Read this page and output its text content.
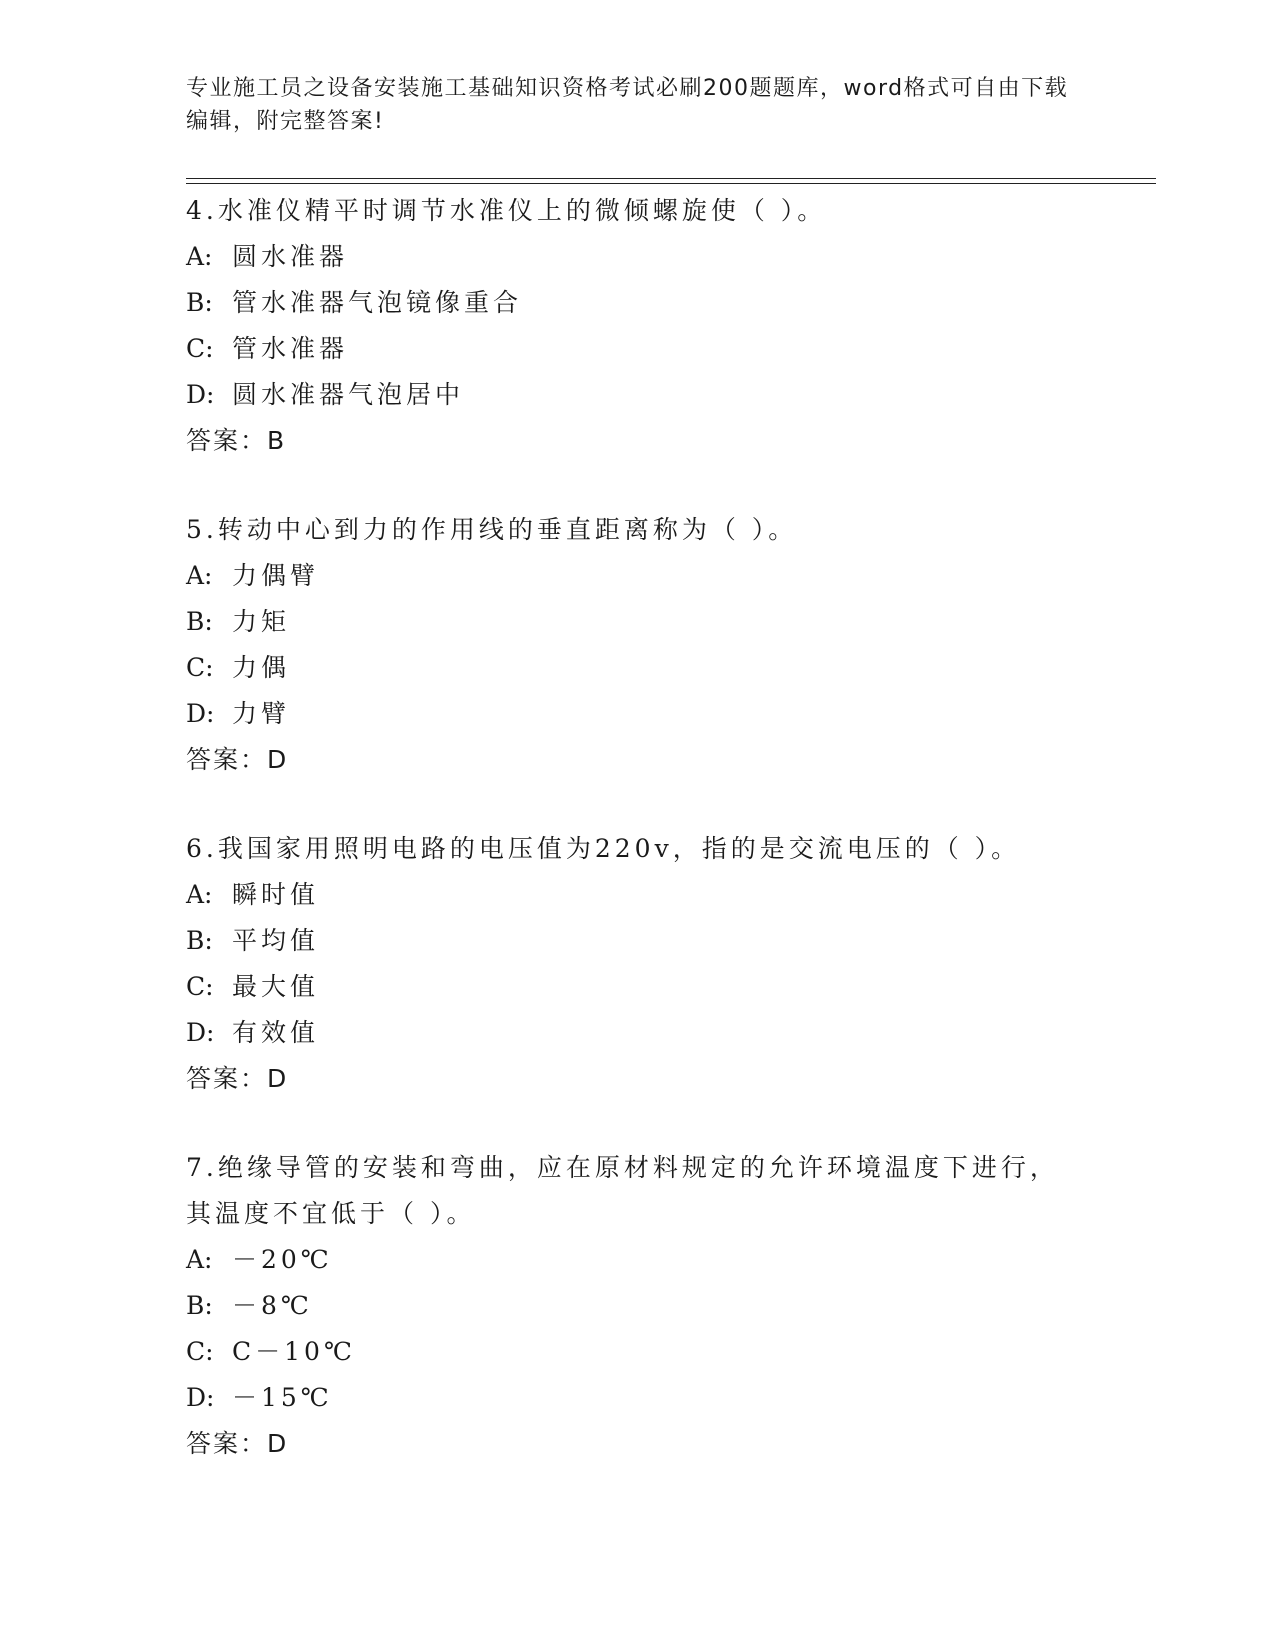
专业施工员之设备安装施工基础知识资格考试必刷200题题库，word格式可自由下载编辑，附完整答案!

4.水准仪精平时调节水准仪上的微倾螺旋使（ ）。

A: 圆水准器

B: 管水准器气泡镜像重合

C: 管水准器

D: 圆水准器气泡居中

答案：B

5.转动中心到力的作用线的垂直距离称为（ ）。

A: 力偶臂

B: 力矩

C: 力偶

D: 力臂

答案：D

6.我国家用照明电路的电压值为220v，指的是交流电压的（ ）。

A: 瞬时值

B: 平均值

C: 最大值

D: 有效值

答案：D

7.绝缘导管的安装和弯曲，应在原材料规定的允许环境温度下进行，其温度不宜低于（ ）。

A: －20℃

B: －8℃

C: C－10℃

D: －15℃

答案：D
